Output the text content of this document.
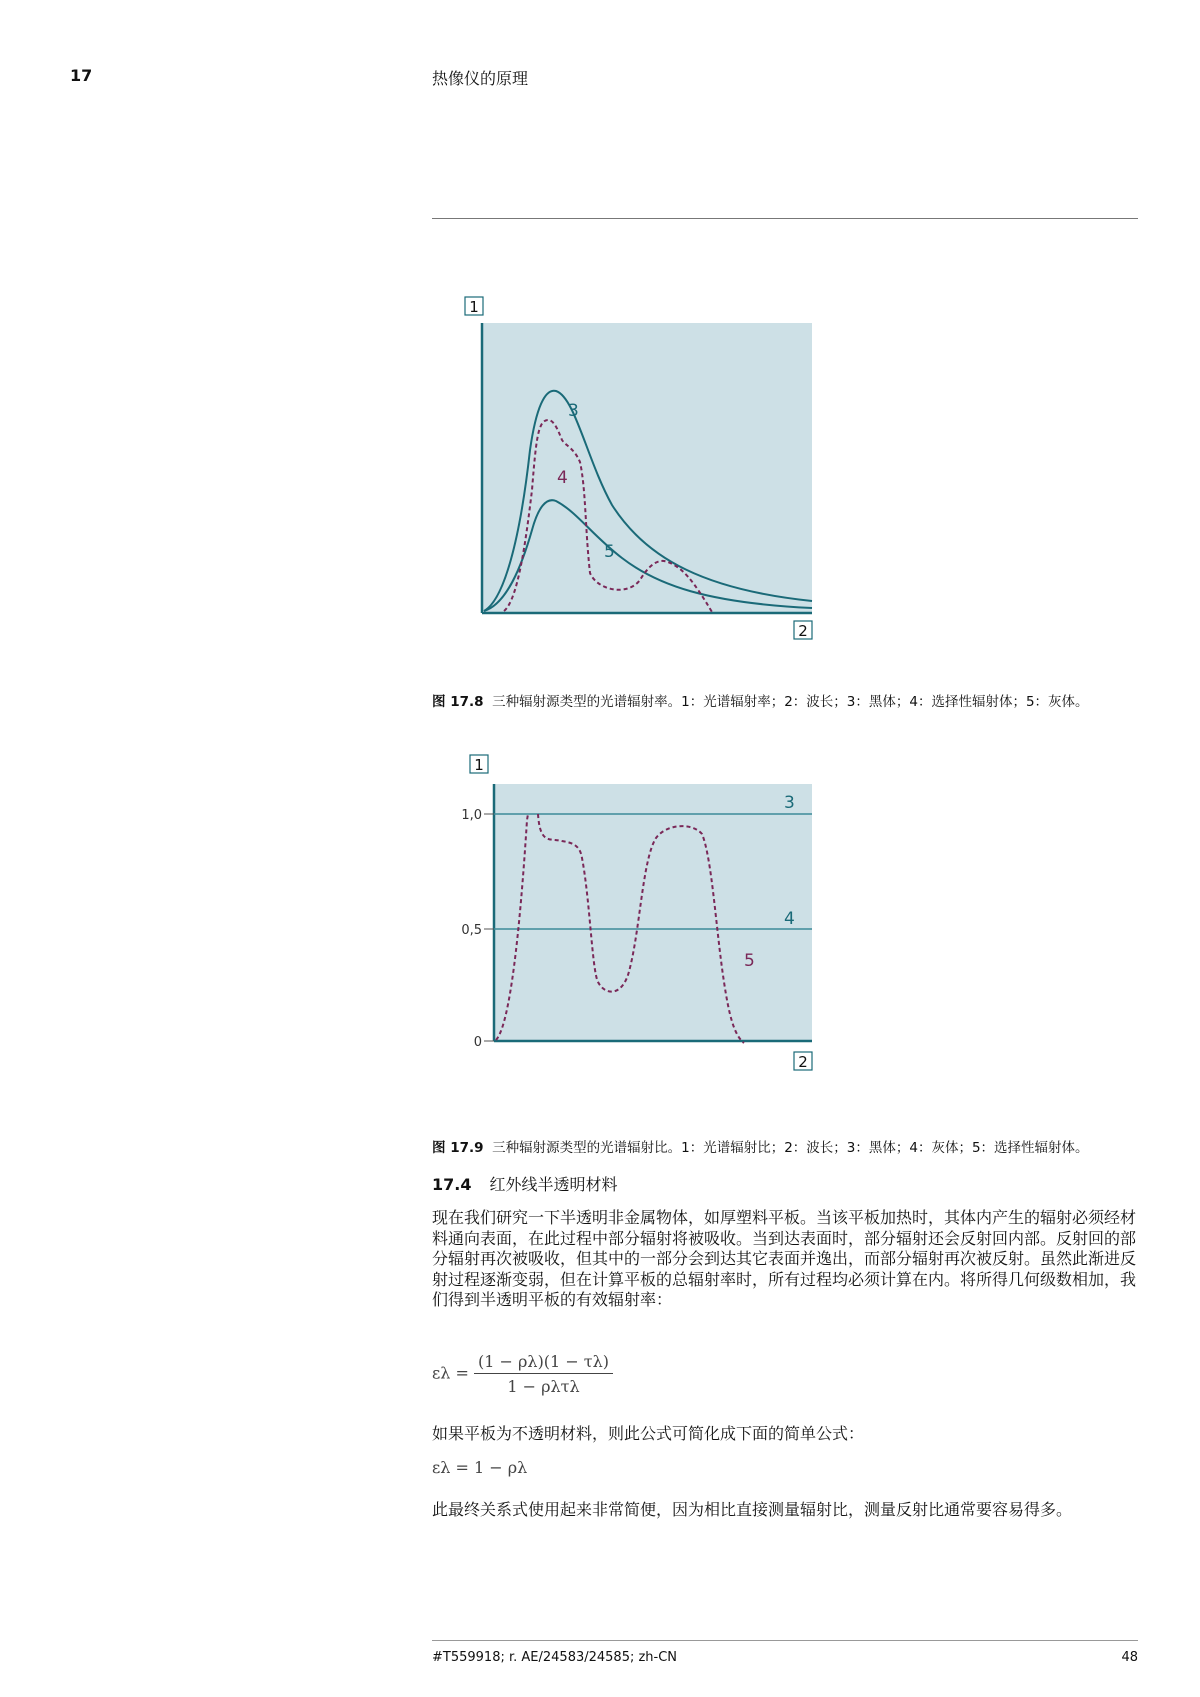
17	热像仪的原理
1
2
3
4
5
图 17.8 三种辐射源类型的光谱辐射率。1：光谱辐射率；2：波长；3：黑体；4：选择性辐射体；5：灰体。
1,0
0,5
0
1
2
3
4
5
图 17.9 三种辐射源类型的光谱辐射比。1：光谱辐射比；2：波长；3：黑体；4：灰体；5：选择性辐射体。
17.4 红外线半透明材料
现在我们研究一下半透明非金属物体，如厚塑料平板。当该平板加热时，其体内产生的辐射必须经材料通向表面，在此过程中部分辐射将被吸收。当到达表面时，部分辐射还会反射回内部。反射回的部分辐射再次被吸收，但其中的一部分会到达其它表面并逸出，而部分辐射再次被反射。虽然此渐进反射过程逐渐变弱，但在计算平板的总辐射率时，所有过程均必须计算在内。将所得几何级数相加，我们得到半透明平板的有效辐射率：
$\varepsilon\lambda = \frac{(1 - \rho\lambda)(1 - \tau\lambda)}{\text{1 − ρλτλ}}$
如果平板为不透明材料，则此公式可简化成下面的简单公式：
ελ = 1 − ρλ
此最终关系式使用起来非常简便，因为相比直接测量辐射比，测量反射比通常要容易得多。
#T559918; r. AE/24583/24585; zh-CN	48
